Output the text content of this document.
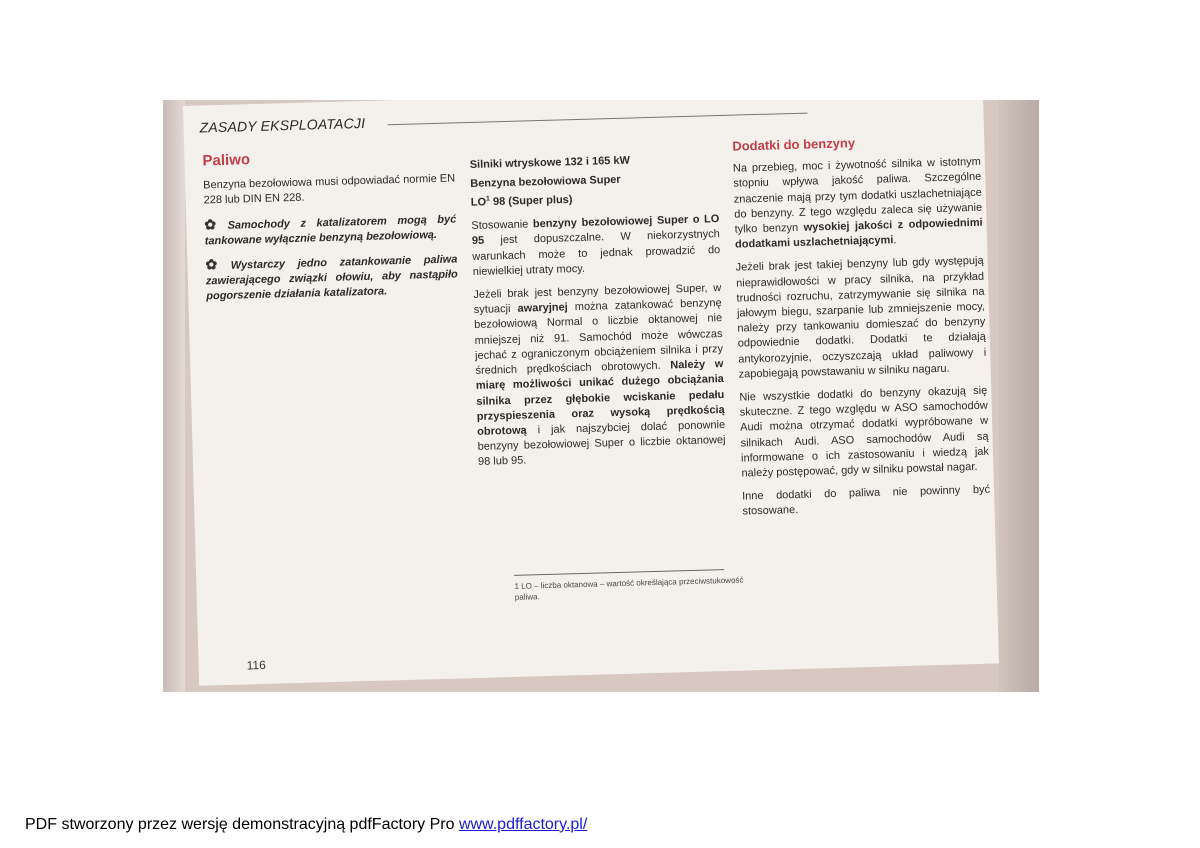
ZASADY EKSPLOATACJI
Paliwo

Benzyna bezołowiowa musi odpowiadać normie EN 228 lub DIN EN 228.

✿ Samochody z katalizatorem mogą być tankowane wyłącznie benzyną bezołowiową.

✿ Wystarczy jedno zatankowanie paliwa zawierającego związki ołowiu, aby nastąpiło pogorszenie działania katalizatora.

Silniki wtryskowe 132 i 165 kW
Benzyna bezołowiowa Super
$LO^1$ 98 (Super plus)

Stosowanie benzyny bezołowiowej Super o LO 95 jest dopuszczalne. W niekorzystnych warunkach może to jednak prowadzić do niewielkiej utraty mocy.

Jeżeli brak jest benzyny bezołowiowej Super, w sytuacji awaryjnej można zatankować benzynę bezołowiową Normal o liczbie oktanowej nie mniejszej niż 91. Samochód może wówczas jechać z ograniczonym obciążeniem silnika i przy średnich prędkościach obrotowych. Należy w miarę możliwości unikać dużego obciążania silnika przez głębokie wciskanie pedału przyspieszenia oraz wysoką prędkością obrotową i jak najszybciej dolać ponownie benzyny bezołowiowej Super o liczbie oktanowej 98 lub 95.

Dodatki do benzyny

Na przebieg, moc i żywotność silnika w istotnym stopniu wpływa jakość paliwa. Szczególne znaczenie mają przy tym dodatki uszlachetniające do benzyny. Z tego względu zaleca się używanie tylko benzyn wysokiej jakości z odpowiednimi dodatkami uszlachetniającymi.

Jeżeli brak jest takiej benzyny lub gdy występują nieprawidłowości w pracy silnika, na przykład trudności rozruchu, zatrzymywanie się silnika na jałowym biegu, szarpanie lub zmniejszenie mocy, należy przy tankowaniu domieszać do benzyny odpowiednie dodatki. Dodatki te działają antykorozyjnie, oczyszczają układ paliwowy i zapobiegają powstawaniu w silniku nagaru.

Nie wszystkie dodatki do benzyny okazują się skuteczne. Z tego względu w ASO samochodów Audi można otrzymać dodatki wypróbowane w silnikach Audi. ASO samochodów Audi są informowane o ich zastosowaniu i wiedzą jak należy postępować, gdy w silniku powstał nagar.

Inne dodatki do paliwa nie powinny być stosowane.

1 LO – liczba oktanowa – wartość określająca przeciwstukowość paliwa.
116
PDF stworzony przez wersję demonstracyjną pdfFactory Pro www.pdffactory.pl/
